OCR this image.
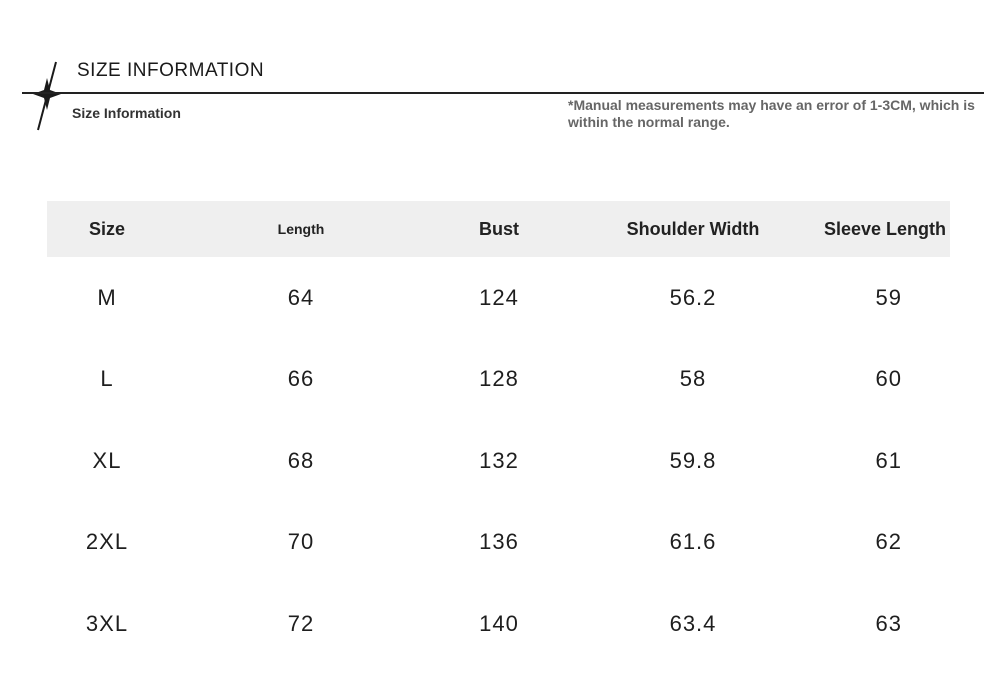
SIZE INFORMATION
Size Information	*Manual measurements may have an error of 1-3CM, which is within the normal range.
Size	Length	Bust	Shoulder Width	Sleeve Length
M	64	124	56.2	59
L	66	128	58	60
XL	68	132	59.8	61
2XL	70	136	61.6	62
3XL	72	140	63.4	63
